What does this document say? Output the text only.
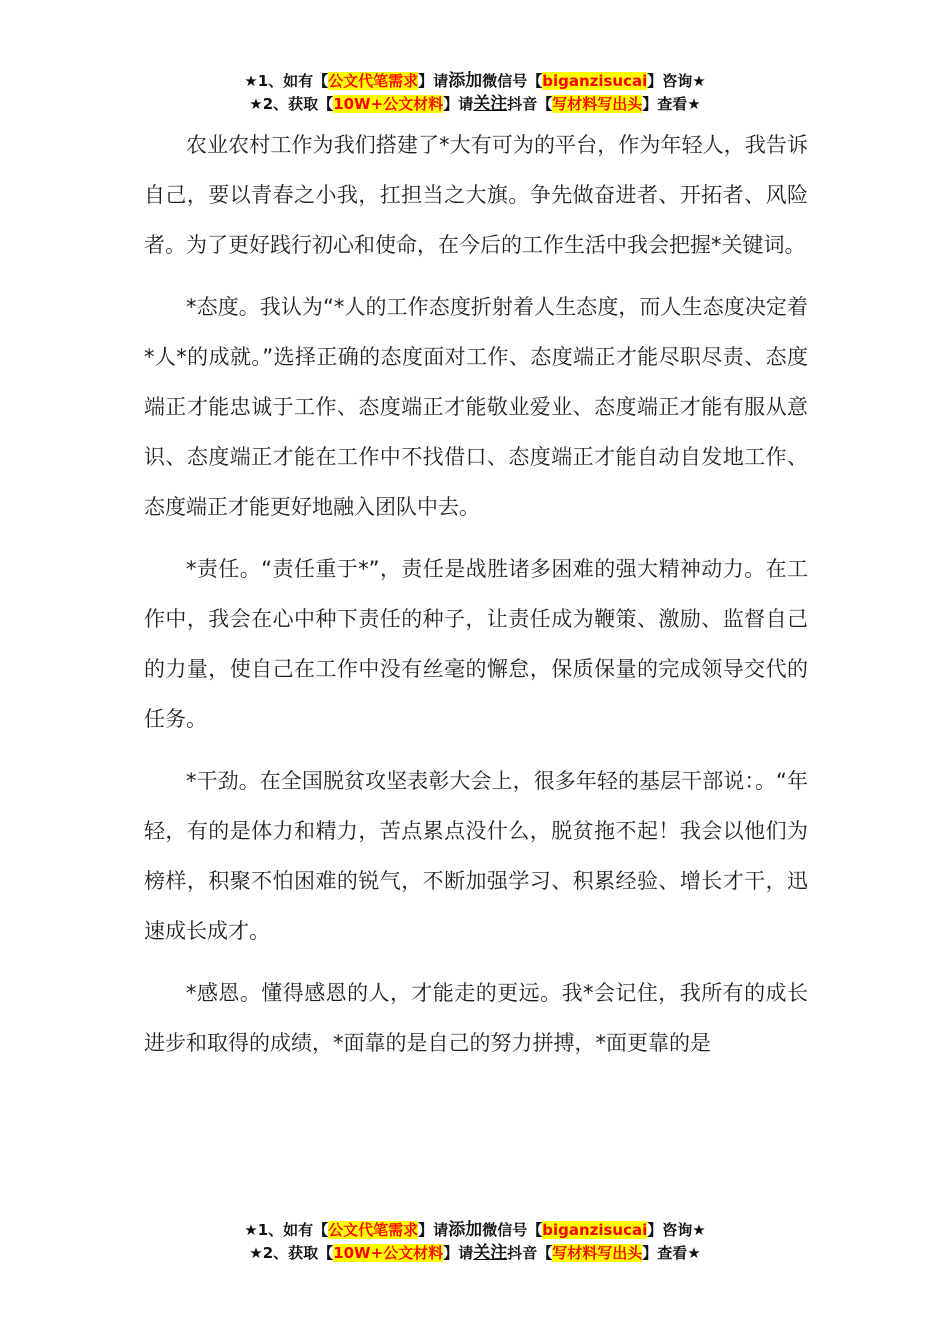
★1、如有【公文代笔需求】请添加微信号【biganzisucai】咨询★
★2、获取【10W+公文材料】请关注抖音【写材料写出头】查看★

农业农村工作为我们搭建了*大有可为的平台，作为年轻人，我告诉自己，要以青春之小我，扛担当之大旗。争先做奋进者、开拓者、风险者。为了更好践行初心和使命，在今后的工作生活中我会把握*关键词。

*态度。我认为“*人的工作态度折射着人生态度，而人生态度决定着*人*的成就。”选择正确的态度面对工作、态度端正才能尽职尽责、态度端正才能忠诚于工作、态度端正才能敬业爱业、态度端正才能有服从意识、态度端正才能在工作中不找借口、态度端正才能自动自发地工作、态度端正才能更好地融入团队中去。

*责任。“责任重于*”，责任是战胜诸多困难的强大精神动力。在工作中，我会在心中种下责任的种子，让责任成为鞭策、激励、监督自己的力量，使自己在工作中没有丝毫的懈怠，保质保量的完成领导交代的任务。

*干劲。在全国脱贫攻坚表彰大会上，很多年轻的基层干部说：。“年轻，有的是体力和精力，苦点累点没什么，脱贫拖不起！我会以他们为榜样，积聚不怕困难的锐气，不断加强学习、积累经验、增长才干，迅速成长成才。

*感恩。懂得感恩的人，才能走的更远。我*会记住，我所有的成长进步和取得的成绩，*面靠的是自己的努力拼搏，*面更靠的是

★1、如有【公文代笔需求】请添加微信号【biganzisucai】咨询★
★2、获取【10W+公文材料】请关注抖音【写材料写出头】查看★
